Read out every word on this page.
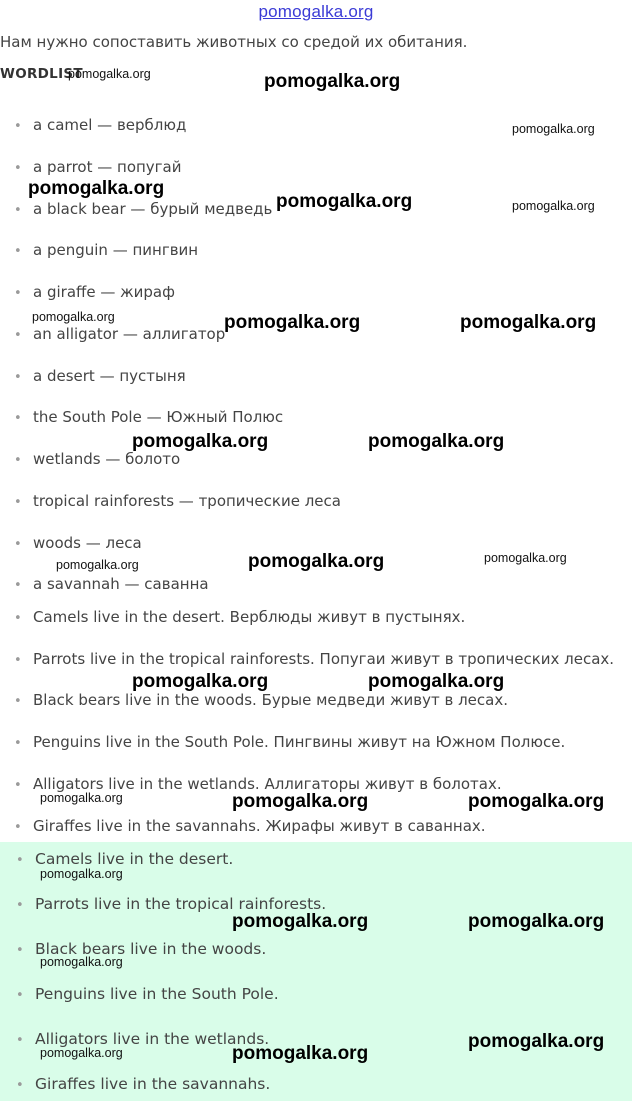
pomogalka.org
Нам нужно сопоставить животных со средой их обитания.
WORDLIST
• a camel — верблюд
• a parrot — попугай
• a black bear — бурый медведь
• a penguin — пингвин
• a giraffe — жираф
• an alligator — аллигатор
• a desert — пустыня
• the South Pole — Южный Полюс
• wetlands — болото
• tropical rainforests — тропические леса
• woods — леса
• a savannah — саванна
• Camels live in the desert. Верблюды живут в пустынях.
• Parrots live in the tropical rainforests. Попугаи живут в тропических лесах.
• Black bears live in the woods. Бурые медведи живут в лесах.
• Penguins live in the South Pole. Пингвины живут на Южном Полюсе.
• Alligators live in the wetlands. Аллигаторы живут в болотах.
• Giraffes live in the savannahs. Жирафы живут в саваннах.
• Camels live in the desert.
• Parrots live in the tropical rainforests.
• Black bears live in the woods.
• Penguins live in the South Pole.
• Alligators live in the wetlands.
• Giraffes live in the savannahs.
pomogalka.org	pomogalka.org
pomogalka.org
pomogalka.org
pomogalka.org	pomogalka.org
pomogalka.org	pomogalka.org	pomogalka.org
pomogalka.org	pomogalka.org
pomogalka.org
pomogalka.org
pomogalka.org
pomogalka.org	pomogalka.org
pomogalka.org	pomogalka.org	pomogalka.org
pomogalka.org
pomogalka.org	pomogalka.org
pomogalka.org
pomogalka.org
pomogalka.org
pomogalka.org
